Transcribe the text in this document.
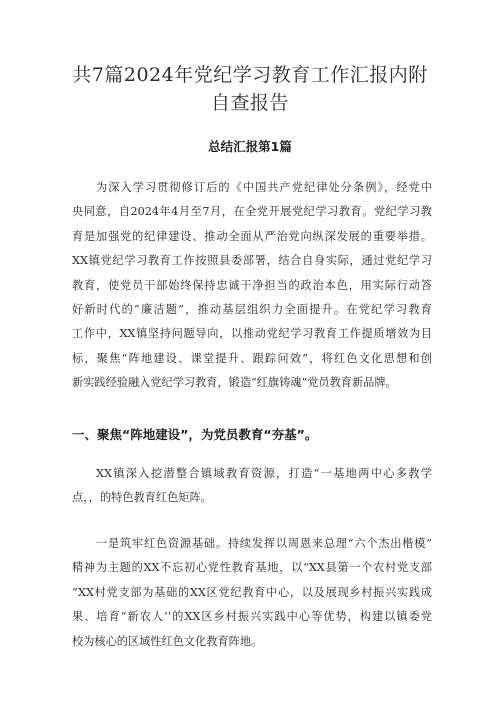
共7篇2024年党纪学习教育工作汇报内附
自查报告
总结汇报第1篇
为深入学习贯彻修订后的《中国共产党纪律处分条例》，经党中
央同意，自2024年4月至7月，在全党开展党纪学习教育。党纪学习教
育是加强党的纪律建设、推动全面从严治党向纵深发展的重要举措。
XX镇党纪学习教育工作按照县委部署，结合自身实际，通过党纪学习
教育，使党员干部始终保持忠诚干净担当的政治本色，用实际行动答
好新时代的“廉洁题”，推动基层组织力全面提升。在党纪学习教育
工作中，XX镇坚持问题导向，以推动党纪学习教育工作提质增效为目
标，聚焦“阵地建设、课堂提升、跟踪问效”，将红色文化思想和创
新实践经验融入党纪学习教育，锻造“红旗铸魂”党员教育新品牌。
一、聚焦“阵地建设”，为党员教育“夯基”。
XX镇深入挖潜整合镇域教育资源，打造“一基地两中心多教学
点，，的特色教育红色矩阵。
一是筑牢红色资源基础。持续发挥以周恩来总理“六个杰出楷模”
精神为主题的XX不忘初心党性教育基地，以“XX县第一个农村党支部
“XX村党支部为基础的XX区党纪教育中心，以及展现乡村振兴实践成
果、培育“新农人’’的XX区乡村振兴实践中心等优势，构建以镇委党
校为核心的区域性红色文化教育阵地。
